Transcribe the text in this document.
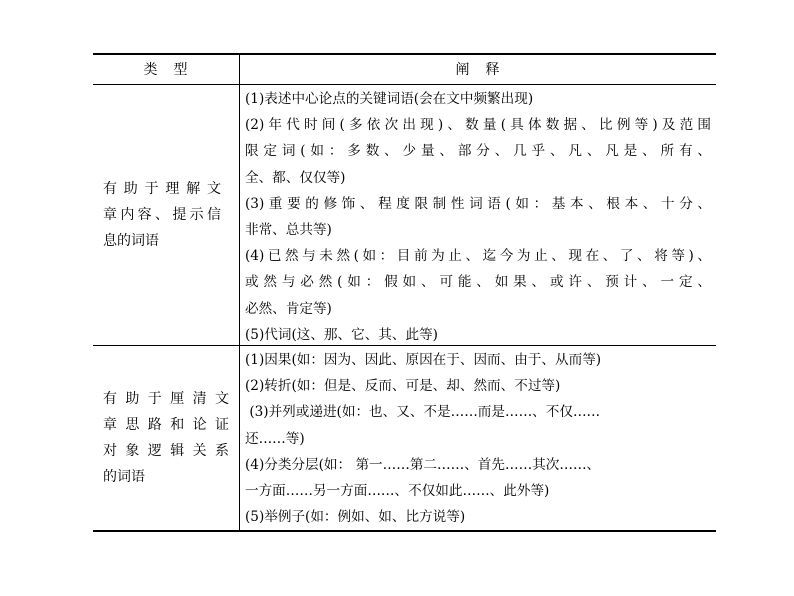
类　型	阐　释
有助于理解文
章内容、提示信
息的词语
(1)表述中心论点的关键词语(会在文中频繁出现)
(2)年代时间(多依次出现)、数量(具体数据、比例等)及范围
限定词(如：多数、少量、部分、几乎、凡、凡是、所有、
全、都、仅仅等)
(3)重要的修饰、程度限制性词语(如：基本、根本、十分、
非常、总共等)
(4)已然与未然(如：目前为止、迄今为止、现在、了、将等)、
或然与必然(如：假如、可能、如果、或许、预计、一定、
必然、肯定等)
(5)代词(这、那、它、其、此等)
有助于厘清文
章思路和论证
对象逻辑关系
的词语
(1)因果(如：因为、因此、原因在于、因而、由于、从而等)
(2)转折(如：但是、反而、可是、却、然而、不过等)
(3)并列或递进(如：也、又、不是……而是……、不仅……
还……等)
(4)分类分层(如： 第一……第二……、首先……其次……、
一方面……另一方面……、不仅如此……、此外等)
(5)举例子(如：例如、如、比方说等)
